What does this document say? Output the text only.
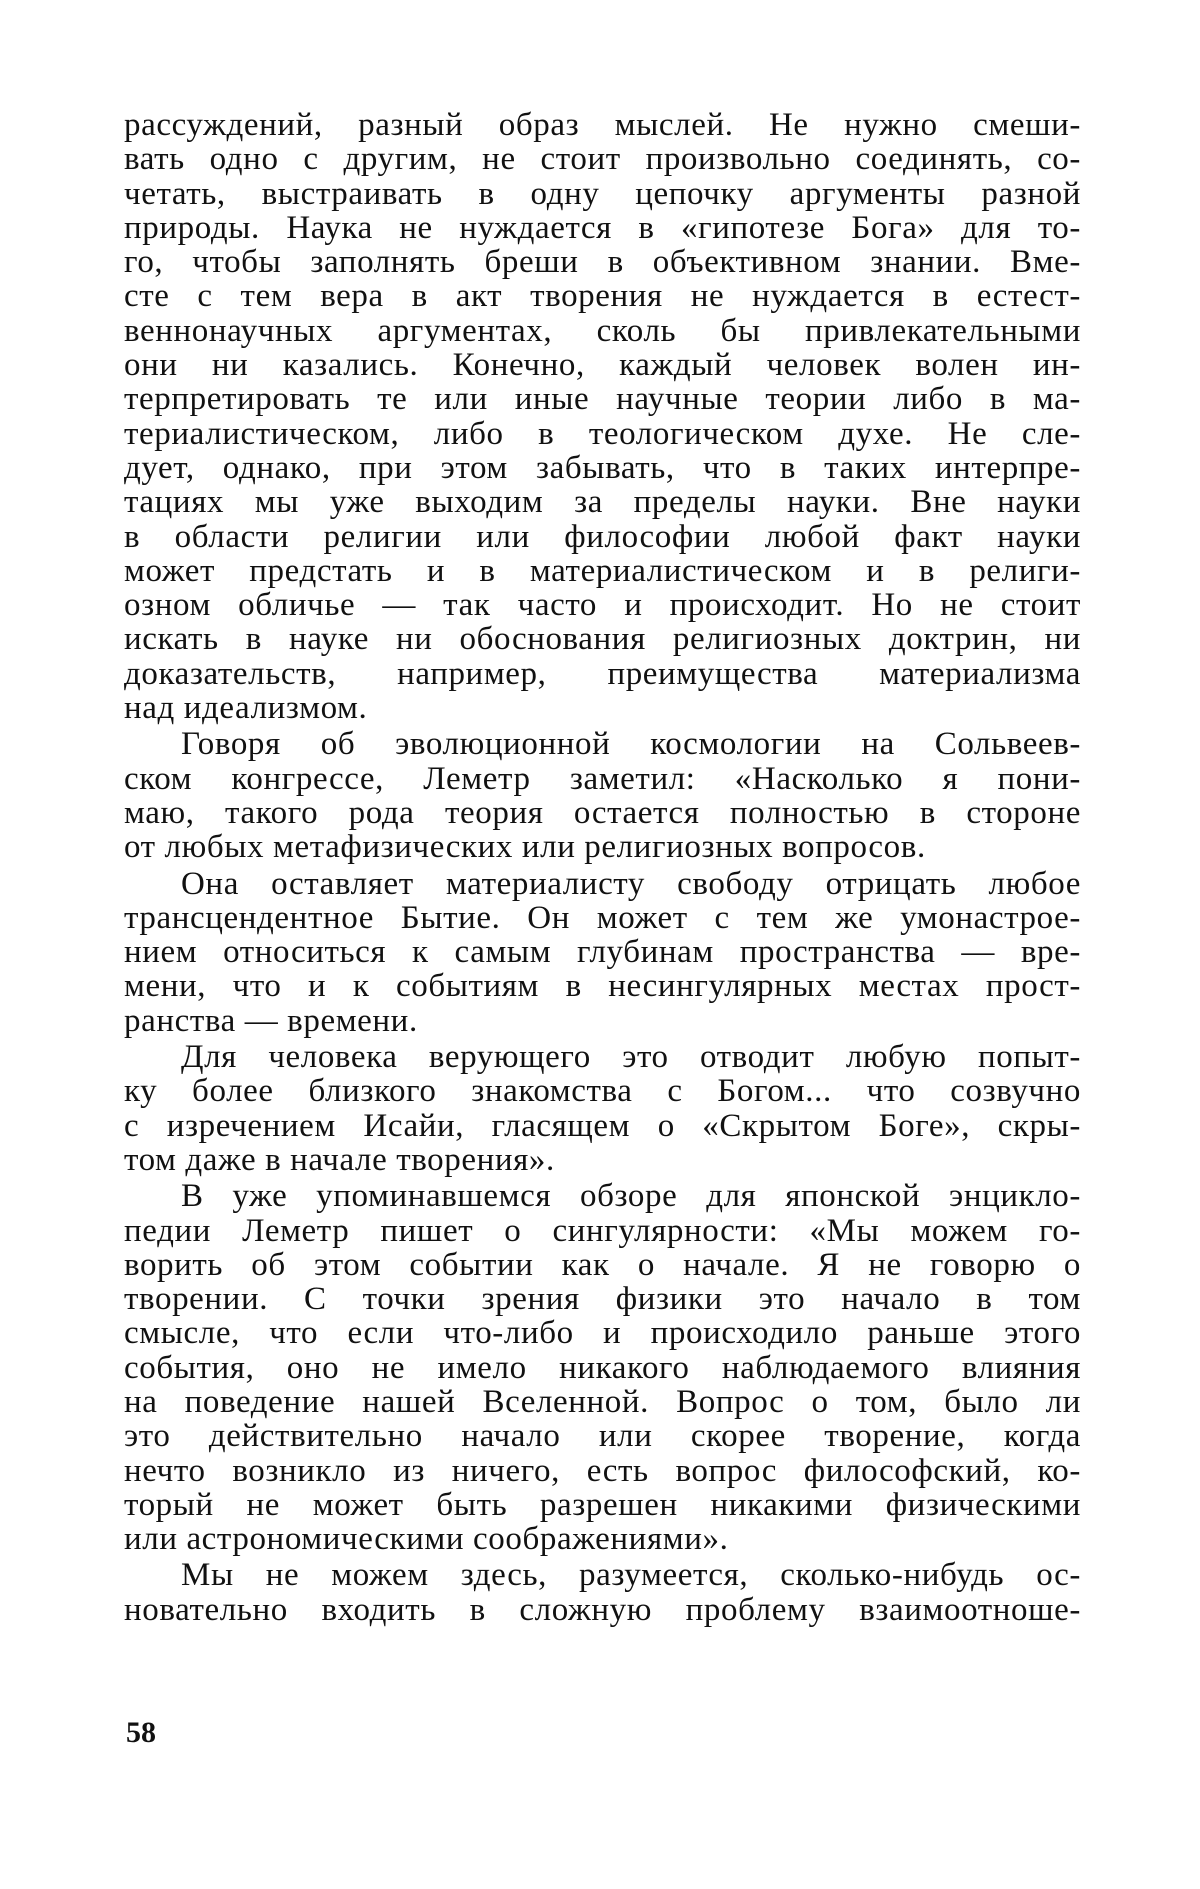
рассуждений, разный образ мыслей. Не нужно смеши-
вать одно с другим, не стоит произвольно соединять, со-
четать, выстраивать в одну цепочку аргументы разной
природы. Наука не нуждается в «гипотезе Бога» для то-
го, чтобы заполнять бреши в объективном знании. Вме-
сте с тем вера в акт творения не нуждается в естест-
веннонаучных аргументах, сколь бы привлекательными
они ни казались. Конечно, каждый человек волен ин-
терпретировать те или иные научные теории либо в ма-
териалистическом, либо в теологическом духе. Не сле-
дует, однако, при этом забывать, что в таких интерпре-
тациях мы уже выходим за пределы науки. Вне науки
в области религии или философии любой факт науки
может предстать и в материалистическом и в религи-
озном обличье — так часто и происходит. Но не стоит
искать в науке ни обоснования религиозных доктрин, ни
доказательств, например, преимущества материализма
над идеализмом.
Говоря об эволюционной космологии на Сольвеев-
ском конгрессе, Леметр заметил: «Насколько я пони-
маю, такого рода теория остается полностью в стороне
от любых метафизических или религиозных вопросов.
Она оставляет материалисту свободу отрицать любое
трансцендентное Бытие. Он может с тем же умонастрое-
нием относиться к самым глубинам пространства — вре-
мени, что и к событиям в несингулярных местах прост-
ранства — времени.
Для человека верующего это отводит любую попыт-
ку более близкого знакомства с Богом... что созвучно
с изречением Исайи, гласящем о «Скрытом Боге», скры-
том даже в начале творения».
В уже упоминавшемся обзоре для японской энцикло-
педии Леметр пишет о сингулярности: «Мы можем го-
ворить об этом событии как о начале. Я не говорю о
творении. С точки зрения физики это начало в том
смысле, что если что-либо и происходило раньше этого
события, оно не имело никакого наблюдаемого влияния
на поведение нашей Вселенной. Вопрос о том, было ли
это действительно начало или скорее творение, когда
нечто возникло из ничего, есть вопрос философский, ко-
торый не может быть разрешен никакими физическими
или астрономическими соображениями».
Мы не можем здесь, разумеется, сколько-нибудь ос-
новательно входить в сложную проблему взаимоотноше-
58
